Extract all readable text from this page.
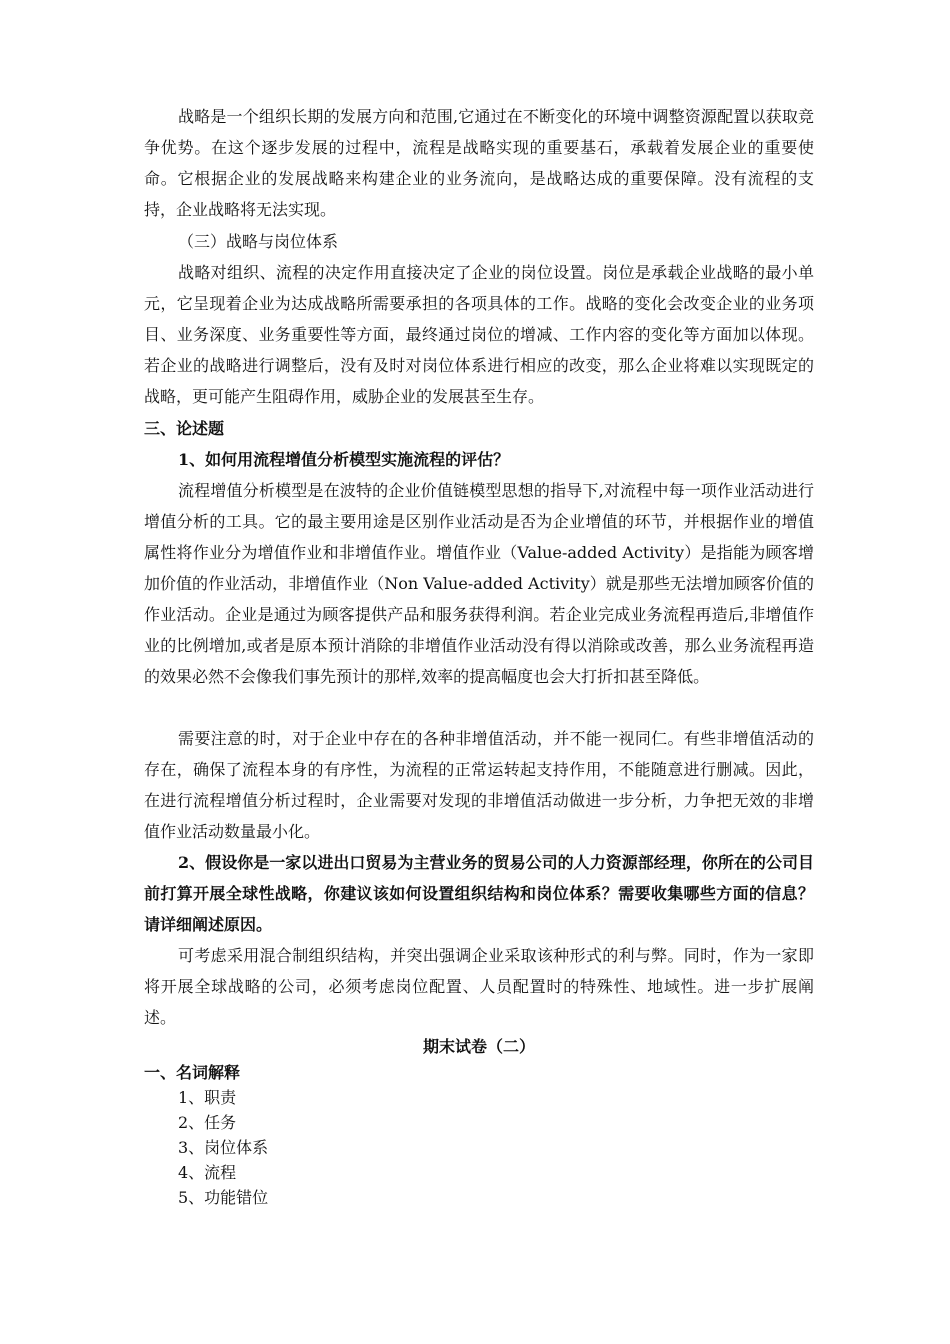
战略是一个组织长期的发展方向和范围,它通过在不断变化的环境中调整资源配置以获取竞争优势。在这个逐步发展的过程中，流程是战略实现的重要基石，承载着发展企业的重要使命。它根据企业的发展战略来构建企业的业务流向，是战略达成的重要保障。没有流程的支持，企业战略将无法实现。

（三）战略与岗位体系

战略对组织、流程的决定作用直接决定了企业的岗位设置。岗位是承载企业战略的最小单元，它呈现着企业为达成战略所需要承担的各项具体的工作。战略的变化会改变企业的业务项目、业务深度、业务重要性等方面，最终通过岗位的增减、工作内容的变化等方面加以体现。若企业的战略进行调整后，没有及时对岗位体系进行相应的改变，那么企业将难以实现既定的战略，更可能产生阻碍作用，威胁企业的发展甚至生存。

三、论述题

1、如何用流程增值分析模型实施流程的评估？

流程增值分析模型是在波特的企业价值链模型思想的指导下,对流程中每一项作业活动进行增值分析的工具。它的最主要用途是区别作业活动是否为企业增值的环节，并根据作业的增值属性将作业分为增值作业和非增值作业。增值作业（Value-added Activity）是指能为顾客增加价值的作业活动，非增值作业（Non Value-added Activity）就是那些无法增加顾客价值的作业活动。企业是通过为顾客提供产品和服务获得利润。若企业完成业务流程再造后,非增值作业的比例增加,或者是原本预计消除的非增值作业活动没有得以消除或改善，那么业务流程再造的效果必然不会像我们事先预计的那样,效率的提高幅度也会大打折扣甚至降低。

需要注意的时，对于企业中存在的各种非增值活动，并不能一视同仁。有些非增值活动的存在，确保了流程本身的有序性，为流程的正常运转起支持作用，不能随意进行删减。因此，在进行流程增值分析过程时，企业需要对发现的非增值活动做进一步分析，力争把无效的非增值作业活动数量最小化。

2、假设你是一家以进出口贸易为主营业务的贸易公司的人力资源部经理，你所在的公司目前打算开展全球性战略，你建议该如何设置组织结构和岗位体系？需要收集哪些方面的信息？请详细阐述原因。

可考虑采用混合制组织结构，并突出强调企业采取该种形式的利与弊。同时，作为一家即将开展全球战略的公司，必须考虑岗位配置、人员配置时的特殊性、地域性。进一步扩展阐述。

期末试卷（二）

一、名词解释

1、职责
2、任务
3、岗位体系
4、流程
5、功能错位
